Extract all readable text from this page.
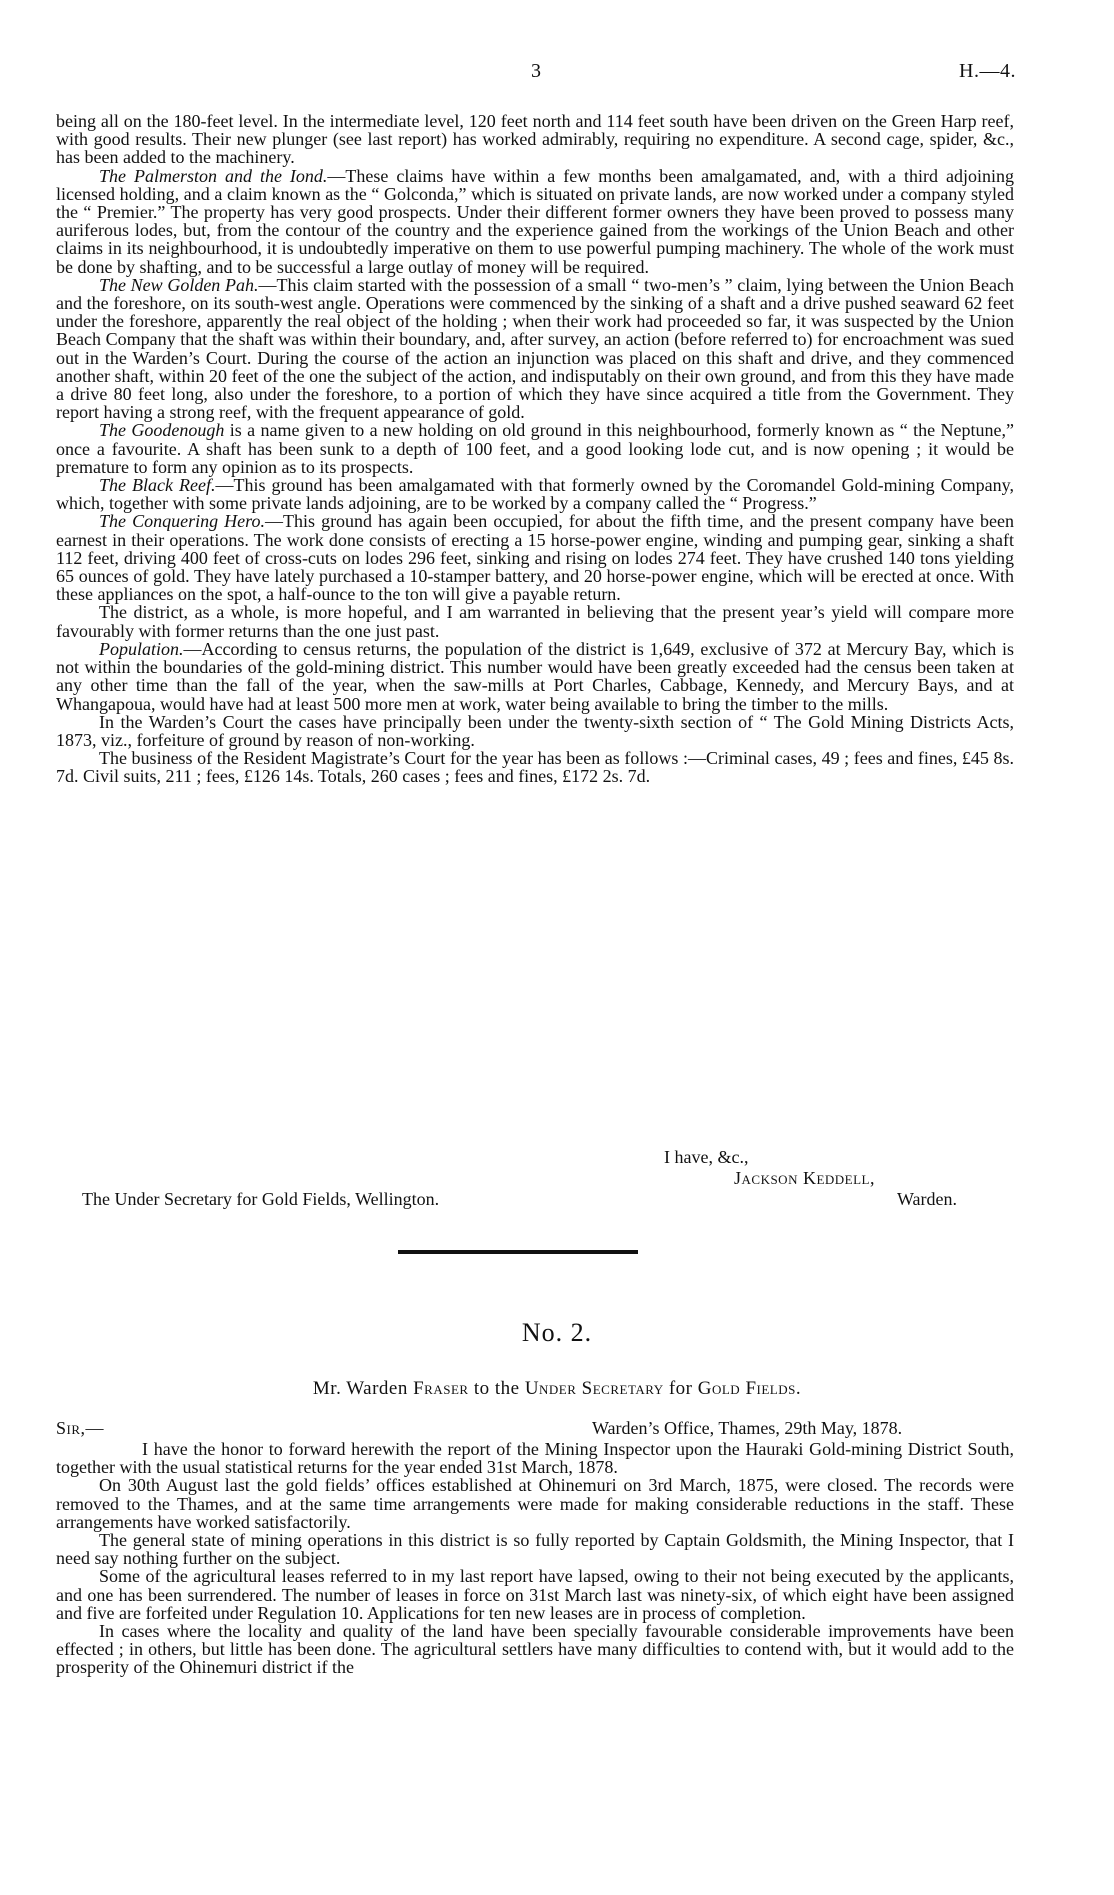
3	H.—4.

being all on the 180-feet level. In the intermediate level, 120 feet north and 114 feet south have been driven on the Green Harp reef, with good results. Their new plunger (see last report) has worked admirably, requiring no expenditure. A second cage, spider, &c., has been added to the machinery.

The Palmerston and the Iond.—These claims have within a few months been amalgamated, and, with a third adjoining licensed holding, and a claim known as the “ Golconda,” which is situated on private lands, are now worked under a company styled the “ Premier.” The property has very good prospects. Under their different former owners they have been proved to possess many auriferous lodes, but, from the contour of the country and the experience gained from the workings of the Union Beach and other claims in its neighbourhood, it is undoubtedly imperative on them to use powerful pumping machinery. The whole of the work must be done by shafting, and to be successful a large outlay of money will be required.

The New Golden Pah.—This claim started with the possession of a small “ two-men’s ” claim, lying between the Union Beach and the foreshore, on its south-west angle. Operations were commenced by the sinking of a shaft and a drive pushed seaward 62 feet under the foreshore, apparently the real object of the holding ; when their work had proceeded so far, it was suspected by the Union Beach Company that the shaft was within their boundary, and, after survey, an action (before referred to) for encroachment was sued out in the Warden’s Court. During the course of the action an injunction was placed on this shaft and drive, and they commenced another shaft, within 20 feet of the one the subject of the action, and indisputably on their own ground, and from this they have made a drive 80 feet long, also under the foreshore, to a portion of which they have since acquired a title from the Government. They report having a strong reef, with the frequent appearance of gold.

The Goodenough is a name given to a new holding on old ground in this neighbourhood, formerly known as “ the Neptune,” once a favourite. A shaft has been sunk to a depth of 100 feet, and a good looking lode cut, and is now opening ; it would be premature to form any opinion as to its prospects.

The Black Reef.—This ground has been amalgamated with that formerly owned by the Coromandel Gold-mining Company, which, together with some private lands adjoining, are to be worked by a company called the “ Progress.”

The Conquering Hero.—This ground has again been occupied, for about the fifth time, and the present company have been earnest in their operations. The work done consists of erecting a 15 horse-power engine, winding and pumping gear, sinking a shaft 112 feet, driving 400 feet of cross-cuts on lodes 296 feet, sinking and rising on lodes 274 feet. They have crushed 140 tons yielding 65 ounces of gold. They have lately purchased a 10-stamper battery, and 20 horse-power engine, which will be erected at once. With these appliances on the spot, a half-ounce to the ton will give a payable return.

The district, as a whole, is more hopeful, and I am warranted in believing that the present year’s yield will compare more favourably with former returns than the one just past.

Population.—According to census returns, the population of the district is 1,649, exclusive of 372 at Mercury Bay, which is not within the boundaries of the gold-mining district. This number would have been greatly exceeded had the census been taken at any other time than the fall of the year, when the saw-mills at Port Charles, Cabbage, Kennedy, and Mercury Bays, and at Whangapoua, would have had at least 500 more men at work, water being available to bring the timber to the mills.

In the Warden’s Court the cases have principally been under the twenty-sixth section of “ The Gold Mining Districts Acts, 1873, viz., forfeiture of ground by reason of non-working.

The business of the Resident Magistrate’s Court for the year has been as follows :—Criminal cases, 49 ; fees and fines, £45 8s. 7d. Civil suits, 211 ; fees, £126 14s. Totals, 260 cases ; fees and fines, £172 2s. 7d.

I have, &c.,
Jackson Keddell,
The Under Secretary for Gold Fields, Wellington.	Warden.
No. 2.
Mr. Warden Fraser to the Under Secretary for Gold Fields.
Sir,—	Warden’s Office, Thames, 29th May, 1878.

I have the honor to forward herewith the report of the Mining Inspector upon the Hauraki Gold-mining District South, together with the usual statistical returns for the year ended 31st March, 1878.

On 30th August last the gold fields’ offices established at Ohinemuri on 3rd March, 1875, were closed. The records were removed to the Thames, and at the same time arrangements were made for making considerable reductions in the staff. These arrangements have worked satisfactorily.

The general state of mining operations in this district is so fully reported by Captain Goldsmith, the Mining Inspector, that I need say nothing further on the subject.

Some of the agricultural leases referred to in my last report have lapsed, owing to their not being executed by the applicants, and one has been surrendered. The number of leases in force on 31st March last was ninety-six, of which eight have been assigned and five are forfeited under Regulation 10. Applications for ten new leases are in process of completion.

In cases where the locality and quality of the land have been specially favourable considerable improvements have been effected ; in others, but little has been done. The agricultural settlers have many difficulties to contend with, but it would add to the prosperity of the Ohinemuri district if the
